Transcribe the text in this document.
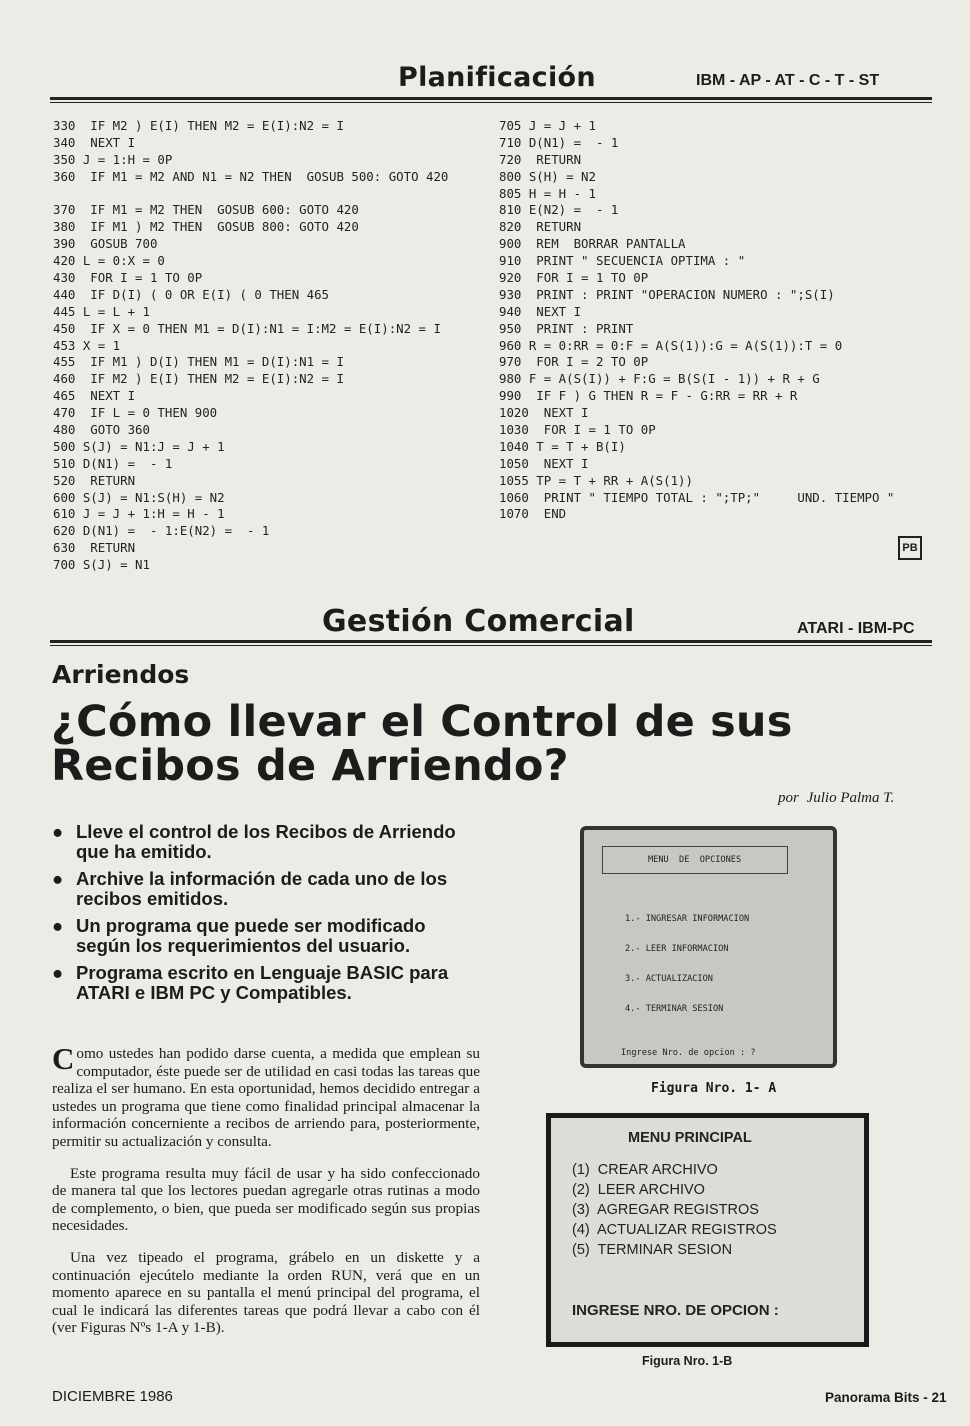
Planificación	IBM - AP - AT - C - T - ST
330  IF M2 ) E(I) THEN M2 = E(I):N2 = I
340  NEXT I
350 J = 1:H = 0P
360  IF M1 = M2 AND N1 = N2 THEN  GOSUB 500: GOTO 420
370  IF M1 = M2 THEN  GOSUB 600: GOTO 420
380  IF M1 ) M2 THEN  GOSUB 800: GOTO 420
390  GOSUB 700
420 L = 0:X = 0
430  FOR I = 1 TO 0P
440  IF D(I) ( 0 OR E(I) ( 0 THEN 465
445 L = L + 1
450  IF X = 0 THEN M1 = D(I):N1 = I:M2 = E(I):N2 = I
453 X = 1
455  IF M1 ) D(I) THEN M1 = D(I):N1 = I
460  IF M2 ) E(I) THEN M2 = E(I):N2 = I
465  NEXT I
470  IF L = 0 THEN 900
480  GOTO 360
500 S(J) = N1:J = J + 1
510 D(N1) =  - 1
520  RETURN
600 S(J) = N1:S(H) = N2
610 J = J + 1:H = H - 1
620 D(N1) =  - 1:E(N2) =  - 1
630  RETURN
700 S(J) = N1
705 J = J + 1
710 D(N1) =  - 1
720  RETURN
800 S(H) = N2
805 H = H - 1
810 E(N2) =  - 1
820  RETURN
900  REM  BORRAR PANTALLA
910  PRINT " SECUENCIA OPTIMA : "
920  FOR I = 1 TO 0P
930  PRINT : PRINT "OPERACION NUMERO : ";S(I)
940  NEXT I
950  PRINT : PRINT
960 R = 0:RR = 0:F = A(S(1)):G = A(S(1)):T = 0
970  FOR I = 2 TO 0P
980 F = A(S(I)) + F:G = B(S(I - 1)) + R + G
990  IF F ) G THEN R = F - G:RR = RR + R
1020  NEXT I
1030  FOR I = 1 TO 0P
1040 T = T + B(I)
1050  NEXT I
1055 TP = T + RR + A(S(1))
1060  PRINT " TIEMPO TOTAL : ";TP;"     UND. TIEMPO "
1070  END
PB
Gestión Comercial	ATARI - IBM-PC
Arriendos
¿Cómo llevar el Control de sus
Recibos de Arriendo?
por Julio Palma T.
● Lleve el control de los Recibos de Arriendo que ha emitido.
● Archive la información de cada uno de los recibos emitidos.
● Un programa que puede ser modificado según los requerimientos del usuario.
● Programa escrito en Lenguaje BASIC para ATARI e IBM PC y Compatibles.

Como ustedes han podido darse cuenta, a medida que emplean su computador, éste puede ser de utilidad en casi todas las tareas que realiza el ser humano. En esta oportunidad, hemos decidido entregar a ustedes un programa que tiene como finalidad principal almacenar la información concerniente a recibos de arriendo para, posteriormente, permitir su actualización y consulta.

Este programa resulta muy fácil de usar y ha sido confeccionado de manera tal que los lectores puedan agregarle otras rutinas a modo de complemento, o bien, que pueda ser modificado según sus propias necesidades.

Una vez tipeado el programa, grábelo en un diskette y a continuación ejecútelo mediante la orden RUN, verá que en un momento aparece en su pantalla el menú principal del programa, el cual le indicará las diferentes tareas que podrá llevar a cabo con él (ver Figuras Nºs 1-A y 1-B).

MENU  DE  OPCIONES
1.- INGRESAR INFORMACION
2.- LEER INFORMACION
3.- ACTUALIZACION
4.- TERMINAR SESION
Ingrese Nro. de opcion : ?
Figura Nro. 1- A
MENU PRINCIPAL
(1)  CREAR ARCHIVO
(2)  LEER ARCHIVO
(3)  AGREGAR REGISTROS
(4)  ACTUALIZAR REGISTROS
(5)  TERMINAR SESION
INGRESE NRO. DE OPCION :
Figura Nro. 1-B
DICIEMBRE 1986	Panorama Bits - 21
